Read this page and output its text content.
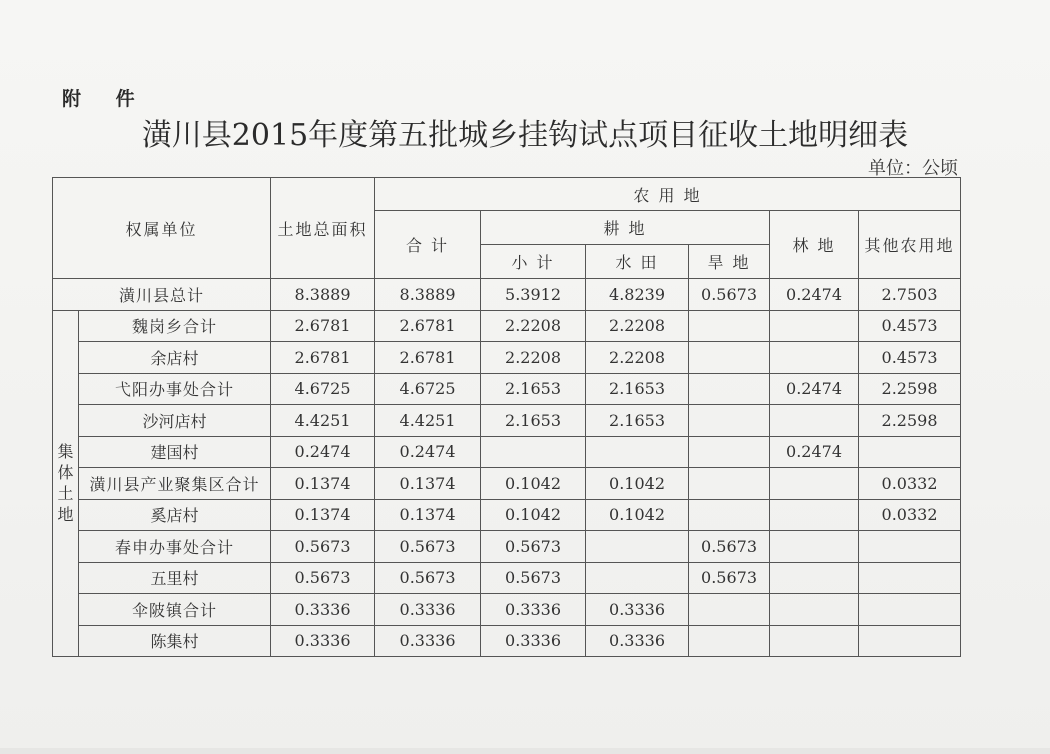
附 件
潢川县2015年度第五批城乡挂钩试点项目征收土地明细表
单位：公顷
权属单位		土地总面积	农 用 地					
			合 计	耕 地			林 地	其他农用地
				小 计	水 田	旱 地		
潢川县总计		8.3889	8.3889	5.3912	4.8239	0.5673	0.2474	2.7503

集
体
土
地	魏岗乡合计	2.6781	2.6781	2.2208	2.2208			0.4573
	余店村	2.6781	2.6781	2.2208	2.2208			0.4573
	弋阳办事处合计	4.6725	4.6725	2.1653	2.1653		0.2474	2.2598
	沙河店村	4.4251	4.4251	2.1653	2.1653			2.2598
	建国村	0.2474	0.2474				0.2474	
	潢川县产业聚集区合计	0.1374	0.1374	0.1042	0.1042			0.0332
	奚店村	0.1374	0.1374	0.1042	0.1042			0.0332
	春申办事处合计	0.5673	0.5673	0.5673		0.5673		
	五里村	0.5673	0.5673	0.5673		0.5673		
	伞陂镇合计	0.3336	0.3336	0.3336	0.3336			
	陈集村	0.3336	0.3336	0.3336	0.3336			
